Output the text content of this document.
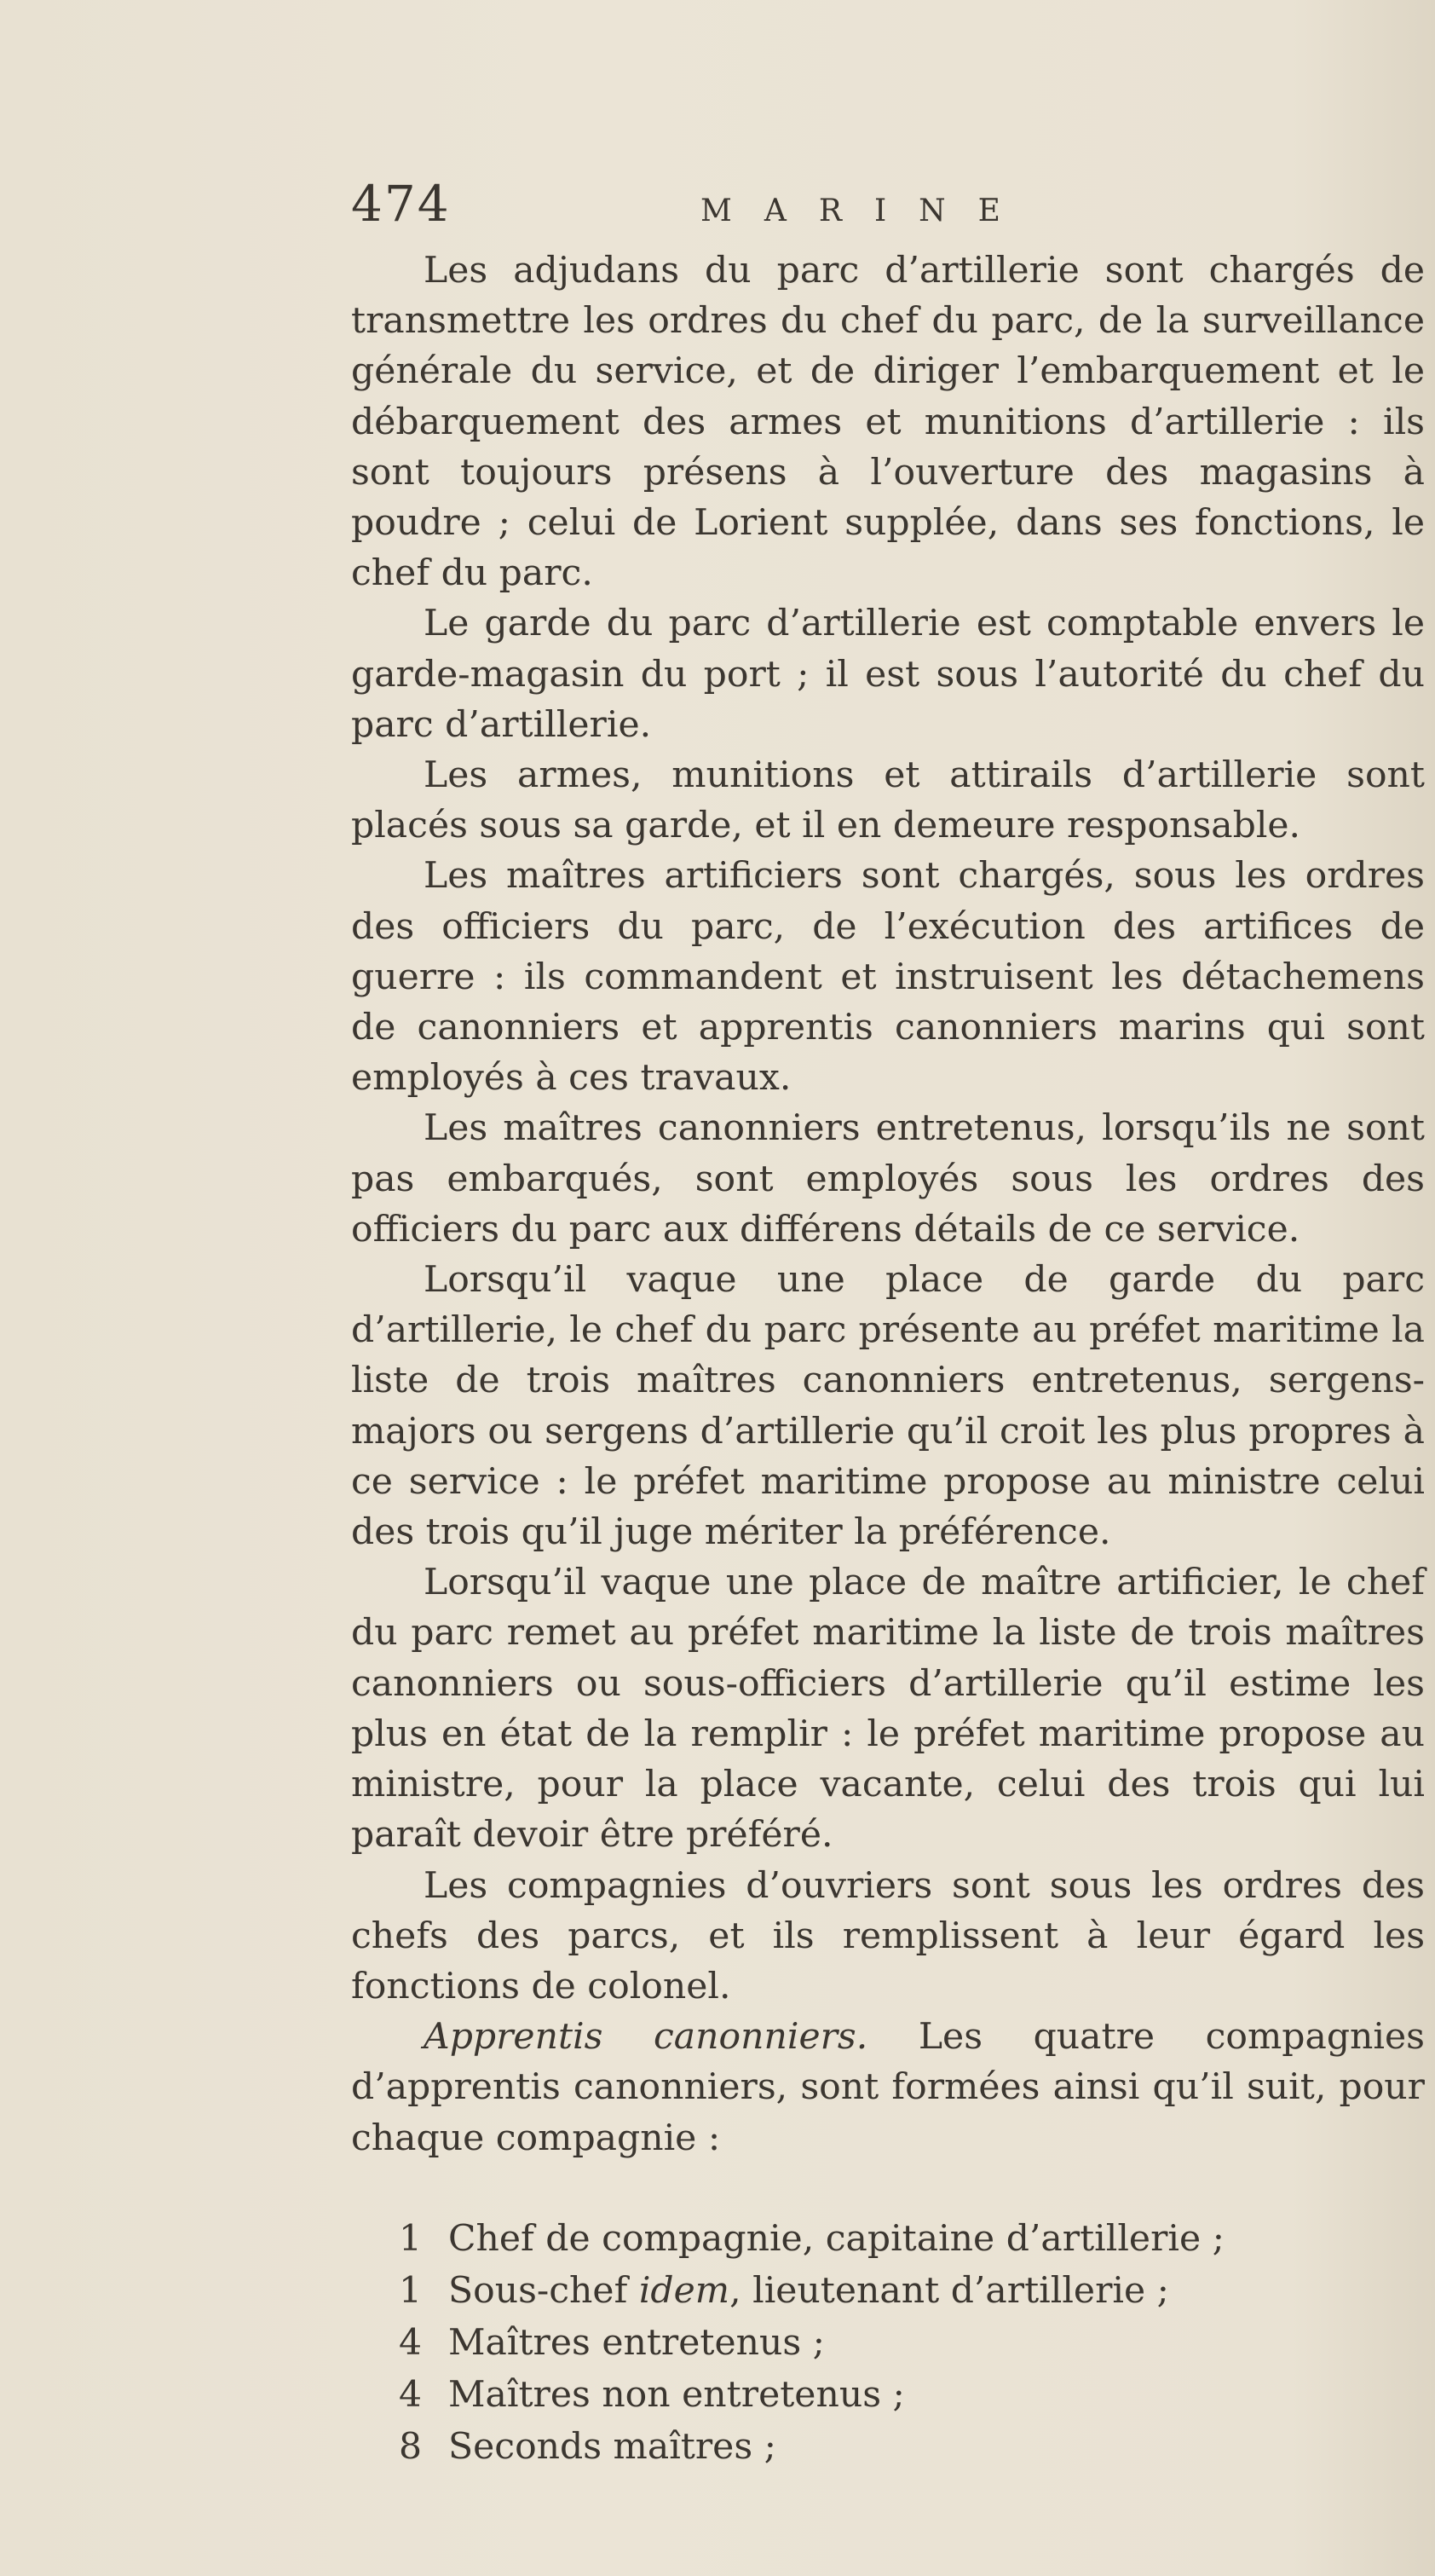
474	MARINE

Les adjudans du parc d’artillerie sont chargés de transmettre les ordres du chef du parc, de la surveillance générale du service, et de diriger l’embarquement et le débarquement des armes et munitions d’artillerie : ils sont toujours présens à l’ouverture des magasins à poudre ; celui de Lorient supplée, dans ses fonctions, le chef du parc.

Le garde du parc d’artillerie est comptable envers le garde-magasin du port ; il est sous l’autorité du chef du parc d’artillerie.

Les armes, munitions et attirails d’artillerie sont placés sous sa garde, et il en demeure responsable.

Les maîtres artificiers sont chargés, sous les ordres des officiers du parc, de l’exécution des artifices de guerre : ils commandent et instruisent les détachemens de canonniers et apprentis canonniers marins qui sont employés à ces travaux.

Les maîtres canonniers entretenus, lorsqu’ils ne sont pas embarqués, sont employés sous les ordres des officiers du parc aux différens détails de ce service.

Lorsqu’il vaque une place de garde du parc d’artillerie, le chef du parc présente au préfet maritime la liste de trois maîtres canonniers entretenus, sergens-majors ou sergens d’artillerie qu’il croit les plus propres à ce service : le préfet maritime propose au ministre celui des trois qu’il juge mériter la préférence.

Lorsqu’il vaque une place de maître artificier, le chef du parc remet au préfet maritime la liste de trois maîtres canonniers ou sous-officiers d’artillerie qu’il estime les plus en état de la remplir : le préfet maritime propose au ministre, pour la place vacante, celui des trois qui lui paraît devoir être préféré.

Les compagnies d’ouvriers sont sous les ordres des chefs des parcs, et ils remplissent à leur égard les fonctions de colonel.

Apprentis canonniers. Les quatre compagnies d’apprentis canonniers, sont formées ainsi qu’il suit, pour chaque compagnie :

1 Chef de compagnie, capitaine d’artillerie ;
1 Sous-chef idem, lieutenant d’artillerie ;
4 Maîtres entretenus ;
4 Maîtres non entretenus ;
8 Seconds maîtres ;
